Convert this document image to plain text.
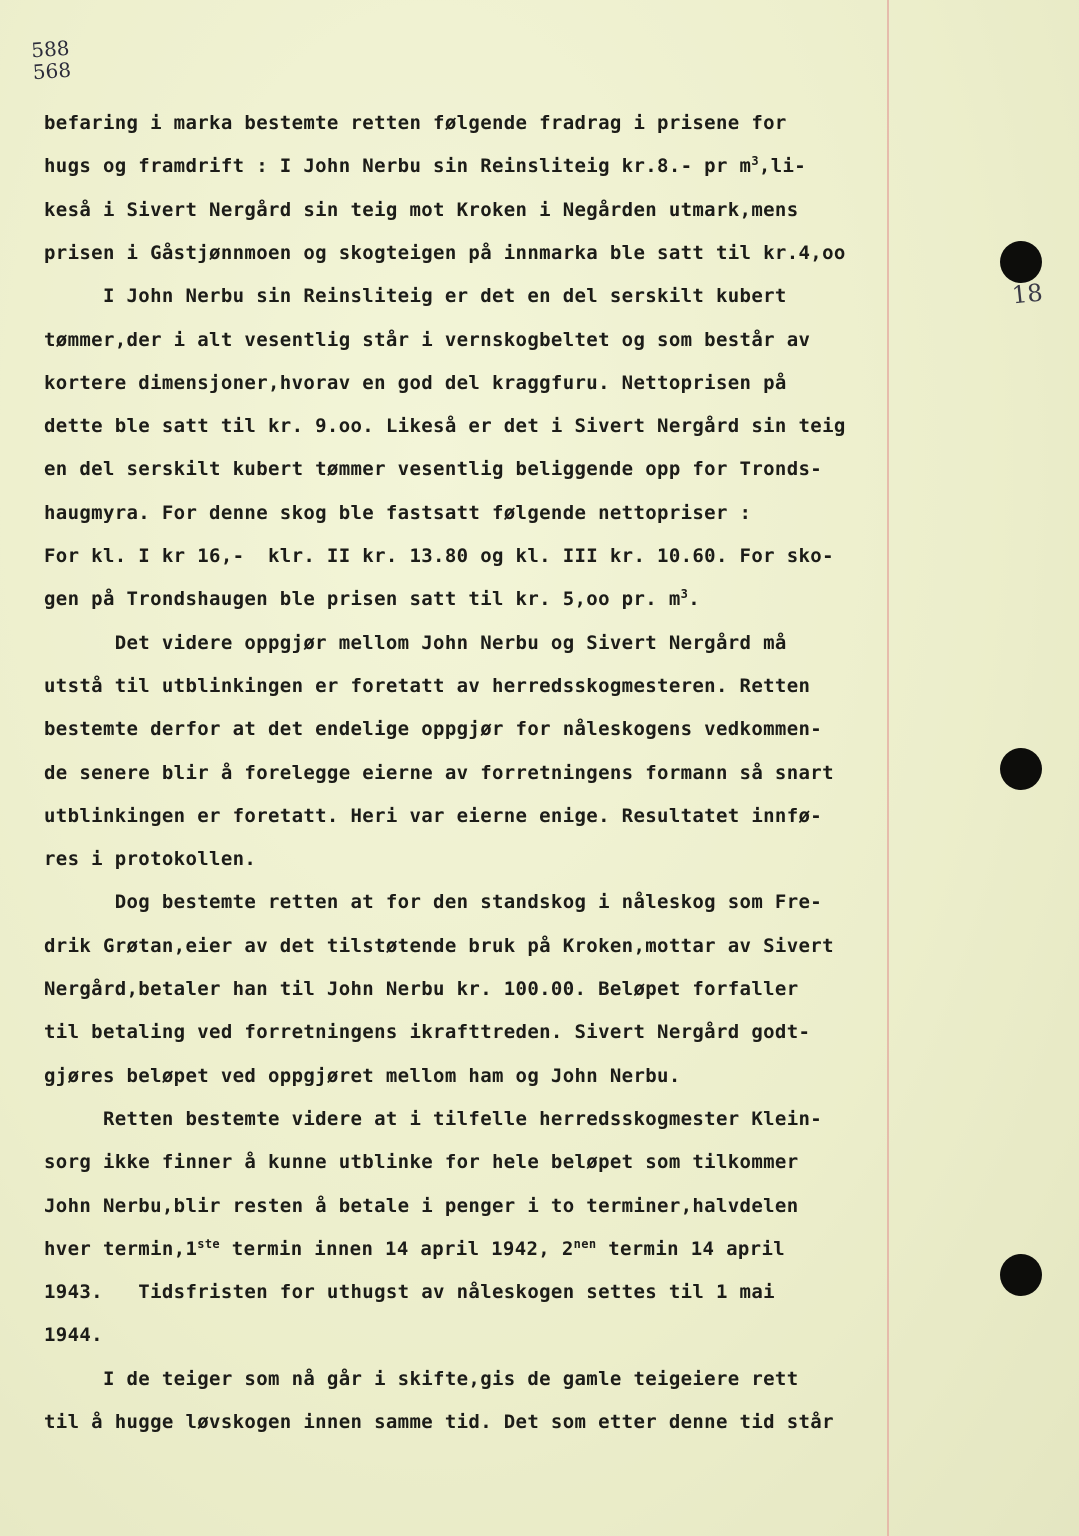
588
568
18
befaring i marka bestemte retten følgende fradrag i prisene for
hugs og framdrift : I John Nerbu sin Reinsliteig kr.8.- pr $m^3,li-$
keså i Sivert Nergård sin teig mot Kroken i Negården utmark,mens
prisen i Gåstjønnmoen og skogteigen på innmarka ble satt til kr.4,oo
I John Nerbu sin Reinsliteig er det en del serskilt kubert
tømmer,der i alt vesentlig står i vernskogbeltet og som består av
kortere dimensjoner,hvorav en god del kraggfuru. Nettoprisen på
dette ble satt til kr. 9.oo. Likeså er det i Sivert Nergård sin teig
en del serskilt kubert tømmer vesentlig beliggende opp for Tronds-
haugmyra. For denne skog ble fastsatt følgende nettopriser :
For kl. I kr 16,-  klr. II kr. 13.80 og kl. III kr. 10.60. For sko-
gen på Trondshaugen ble prisen satt til kr. 5,oo pr. $m^3$.
Det videre oppgjør mellom John Nerbu og Sivert Nergård må
utstå til utblinkingen er foretatt av herredsskogmesteren. Retten
bestemte derfor at det endelige oppgjør for nåleskogens vedkommen-
de senere blir å forelegge eierne av forretningens formann så snart
utblinkingen er foretatt. Heri var eierne enige. Resultatet innfø-
res i protokollen.
Dog bestemte retten at for den standskog i nåleskog som Fre-
drik Grøtan,eier av det tilstøtende bruk på Kroken,mottar av Sivert
Nergård,betaler han til John Nerbu kr. 100.00. Beløpet forfaller
til betaling ved forretningens ikrafttreden. Sivert Nergård godt-
gjøres beløpet ved oppgjøret mellom ham og John Nerbu.
Retten bestemte videre at i tilfelle herredsskogmester Klein-
sorg ikke finner å kunne utblinke for hele beløpet som tilkommer
John Nerbu,blir resten å betale i penger i to terminer,halvdelen
hver termin,1ste termin innen 14 april 1942, $2^{nen}$ termin 14 april
1943.   Tidsfristen for uthugst av nåleskogen settes til 1 mai
1944.
I de teiger som nå går i skifte,gis de gamle teigeiere rett
til å hugge løvskogen innen samme tid. Det som etter denne tid står
